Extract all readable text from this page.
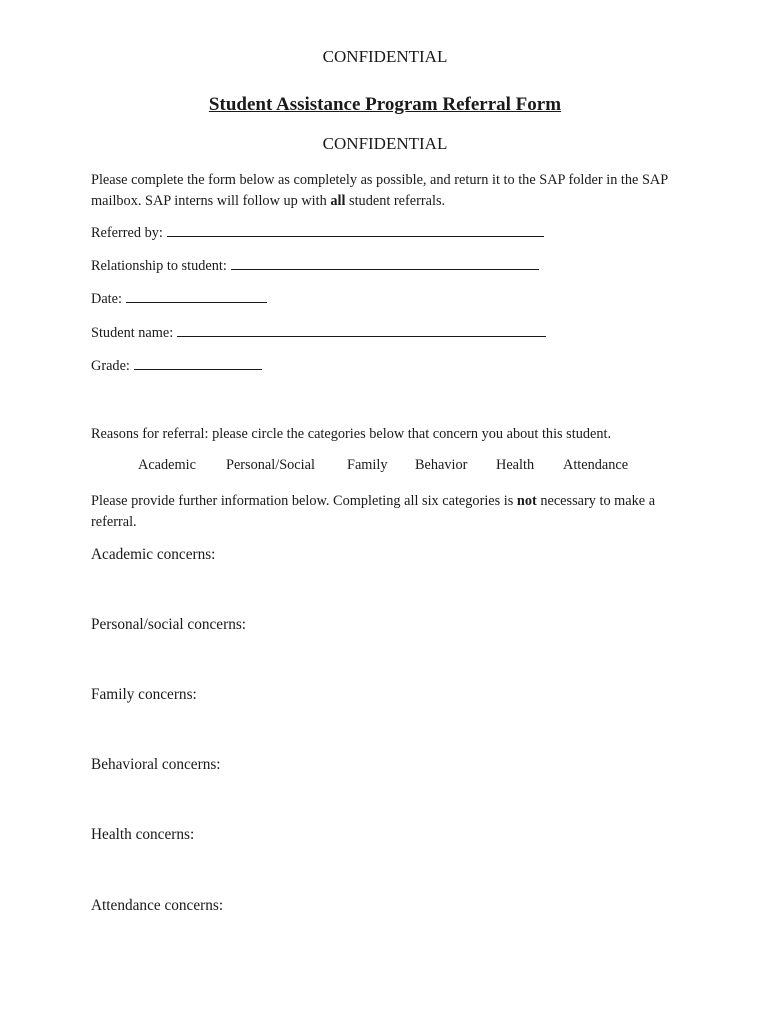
CONFIDENTIAL
Student Assistance Program Referral Form
CONFIDENTIAL
Please complete the form below as completely as possible, and return it to the SAP folder in the SAP mailbox. SAP interns will follow up with all student referrals.
Referred by:
Relationship to student:
Date:
Student name:
Grade:
Reasons for referral: please circle the categories below that concern you about this student.
Academic Personal/Social Family Behavior Health Attendance
Please provide further information below. Completing all six categories is not necessary to make a referral.
Academic concerns:
Personal/social concerns:
Family concerns:
Behavioral concerns:
Health concerns:
Attendance concerns:
